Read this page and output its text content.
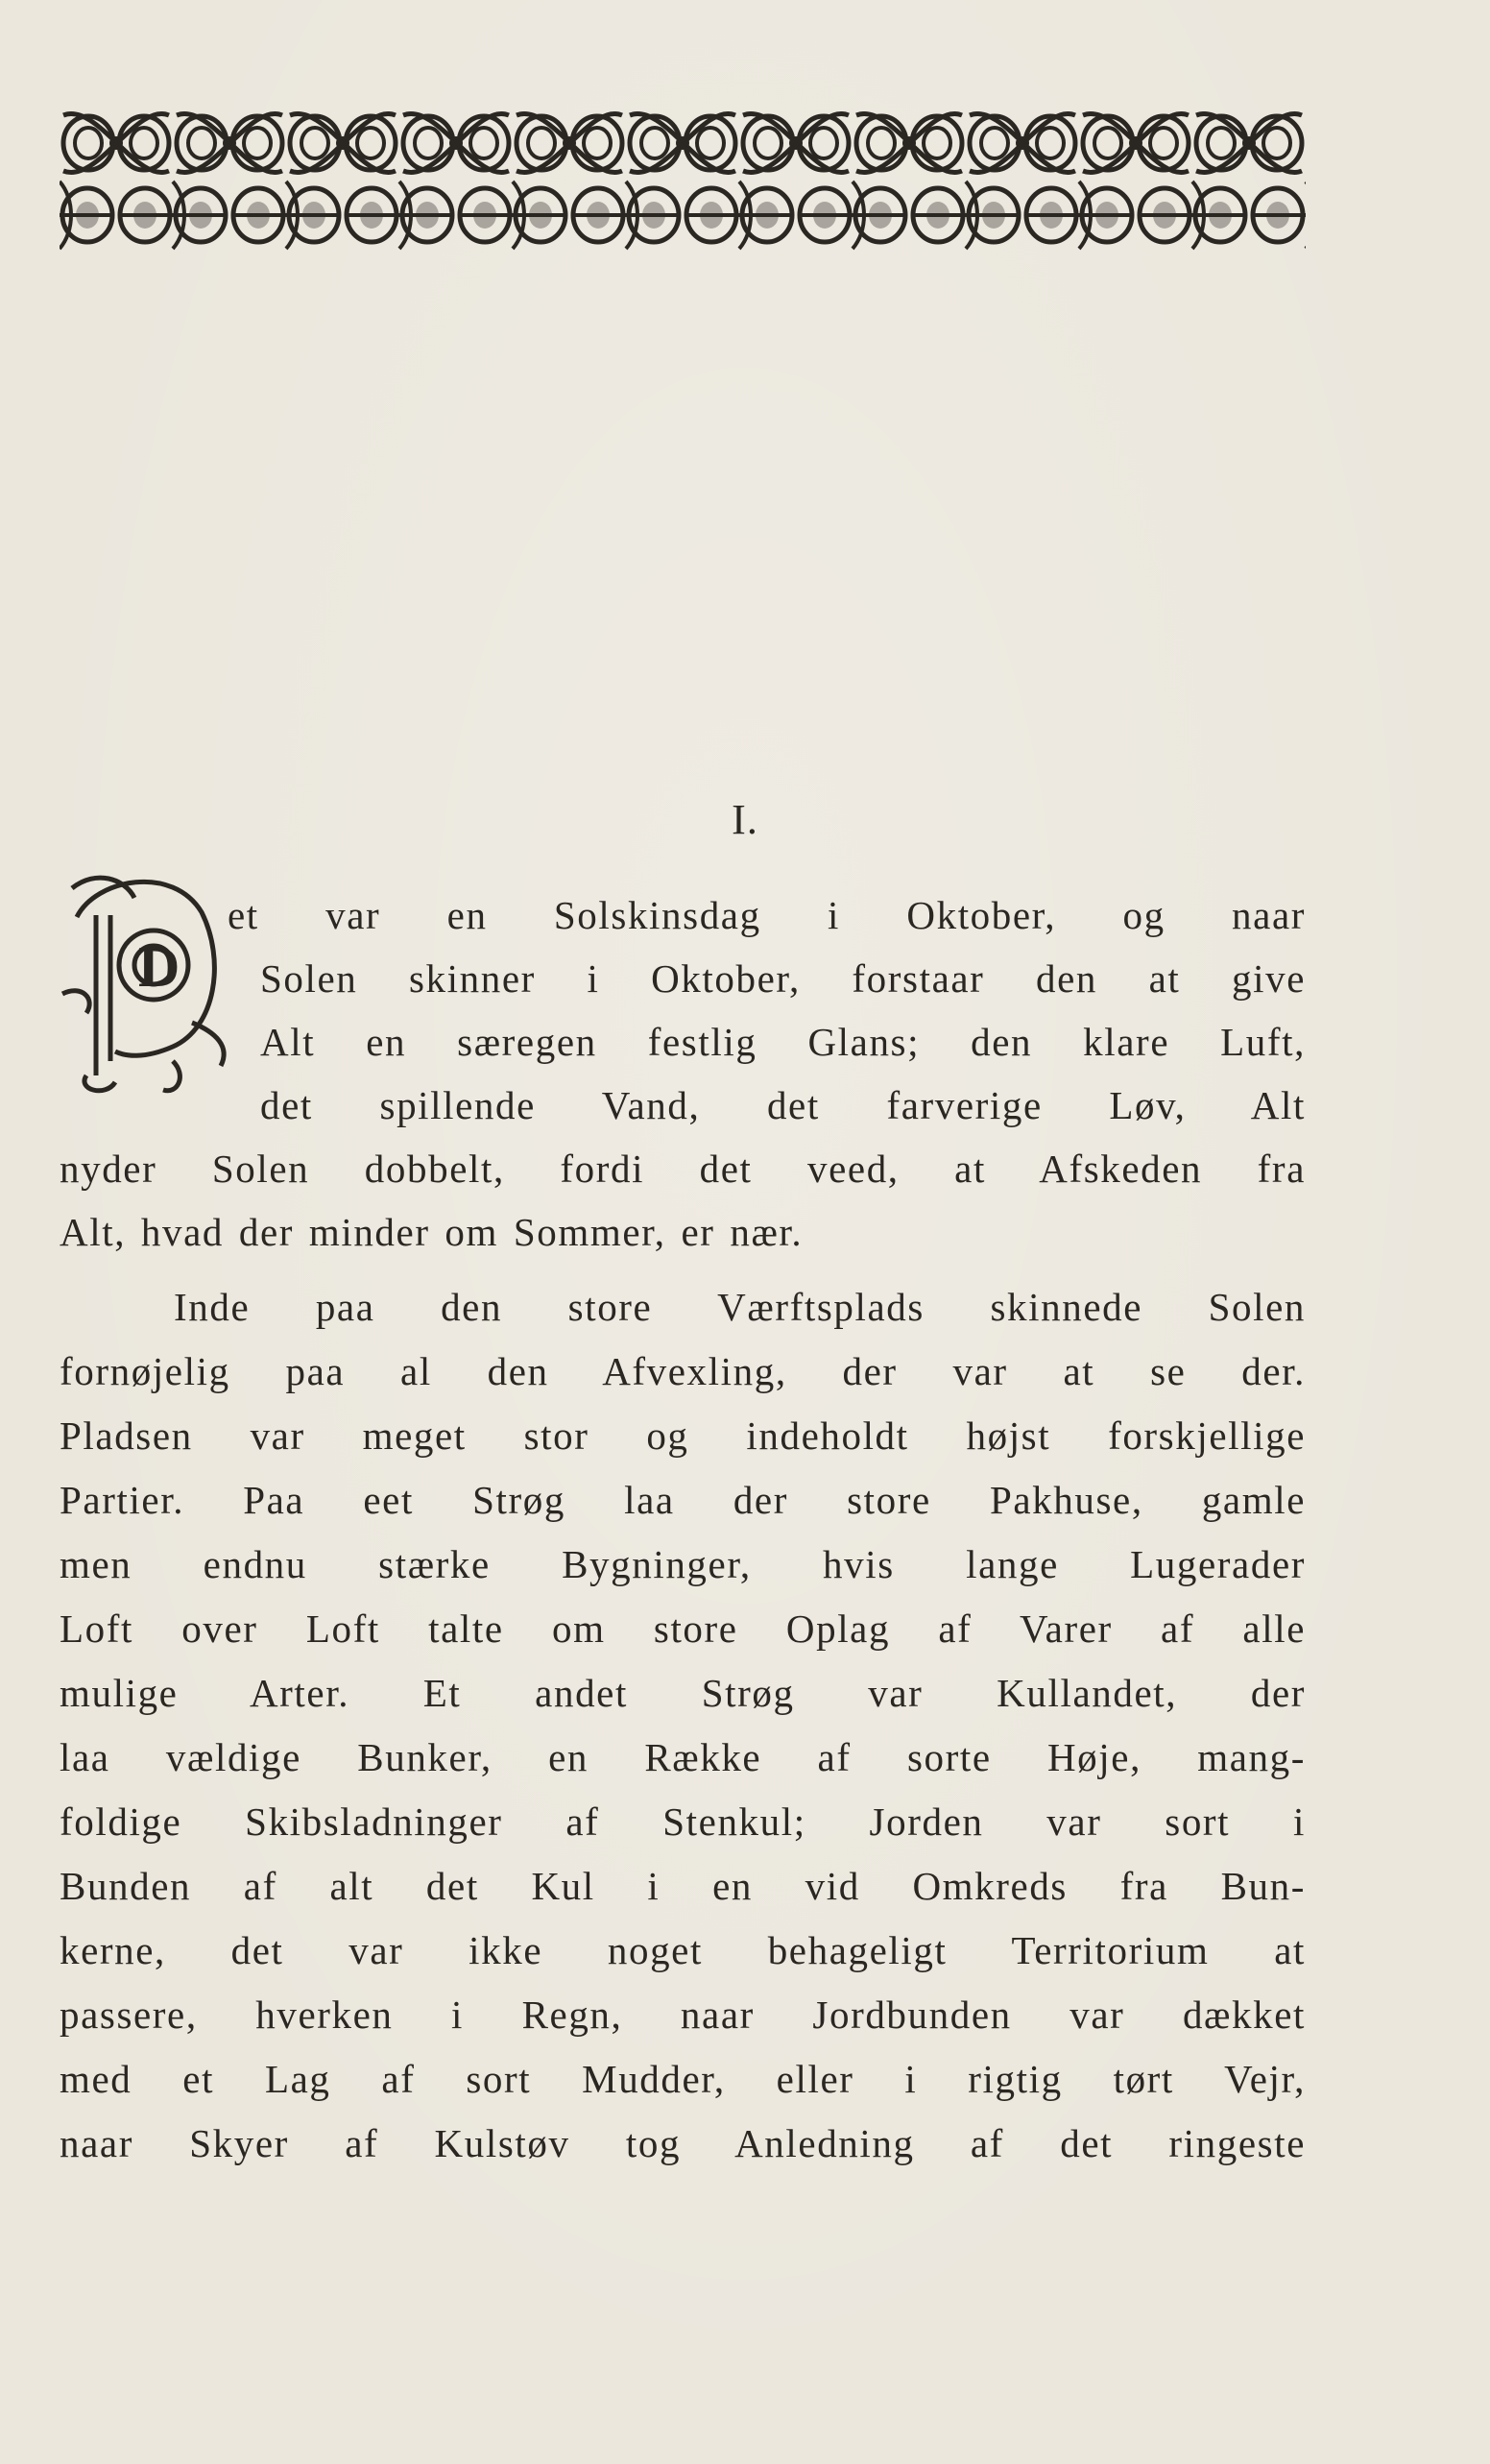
I.
D
et var en Solskinsdag i Oktober, og naar
Solen skinner i Oktober, forstaar den at give
Alt en særegen festlig Glans; den klare Luft,
det spillende Vand, det farverige Løv, Alt
nyder Solen dobbelt, fordi det veed, at Afskeden fra
Alt, hvad der minder om Sommer, er nær.
Inde paa den store Værftsplads skinnede Solen
fornøjelig paa al den Afvexling, der var at se der.
Pladsen var meget stor og indeholdt højst forskjellige
Partier. Paa eet Strøg laa der store Pakhuse, gamle
men endnu stærke Bygninger, hvis lange Lugerader
Loft over Loft talte om store Oplag af Varer af alle
mulige Arter. Et andet Strøg var Kullandet, der
laa vældige Bunker, en Række af sorte Høje, mang-
foldige Skibsladninger af Stenkul; Jorden var sort i
Bunden af alt det Kul i en vid Omkreds fra Bun-
kerne, det var ikke noget behageligt Territorium at
passere, hverken i Regn, naar Jordbunden var dækket
med et Lag af sort Mudder, eller i rigtig tørt Vejr,
naar Skyer af Kulstøv tog Anledning af det ringeste
